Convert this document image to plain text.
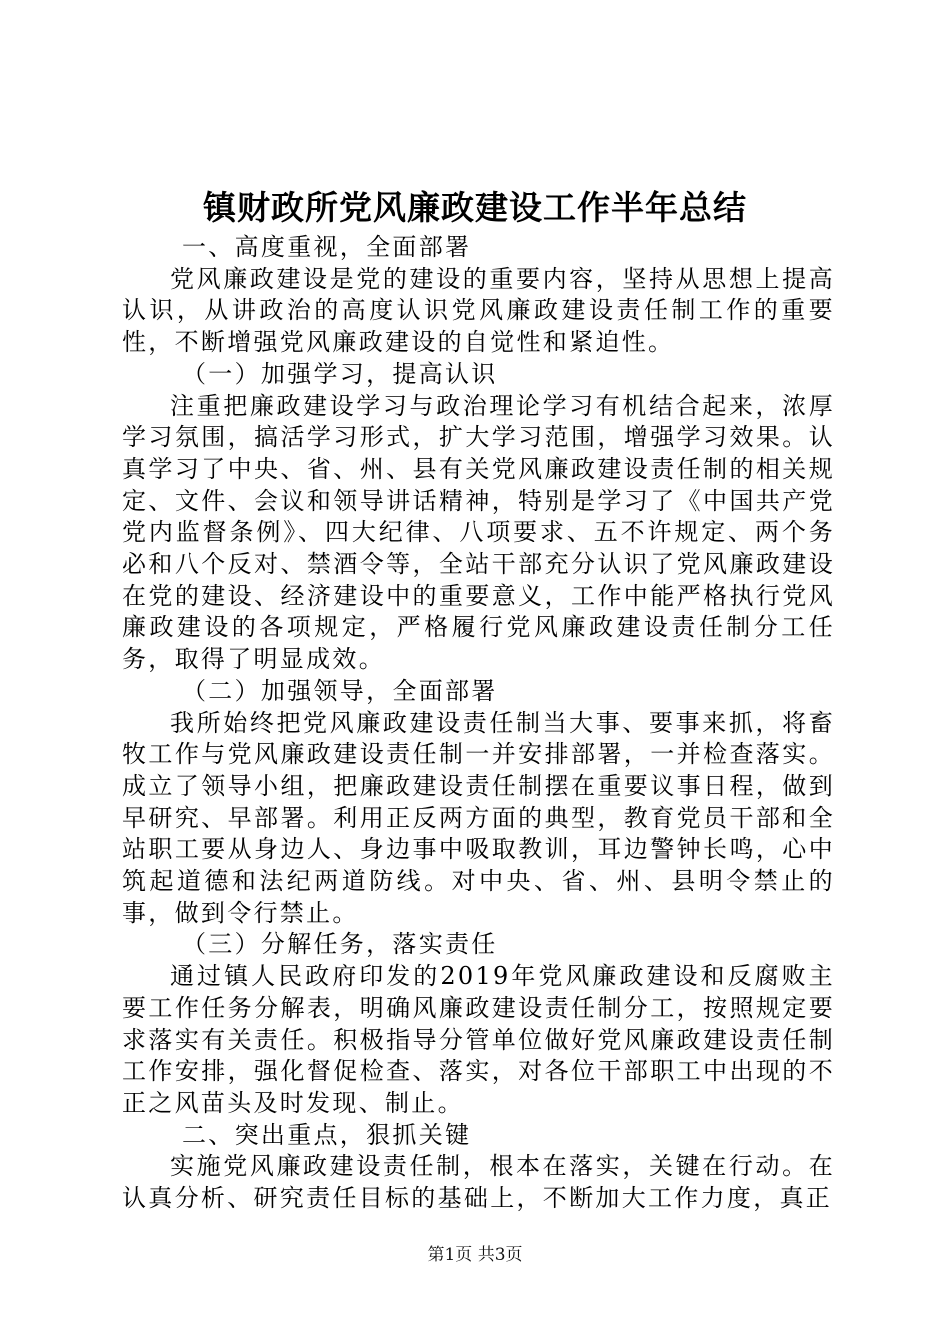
镇财政所党风廉政建设工作半年总结

一、高度重视，全面部署

党风廉政建设是党的建设的重要内容，坚持从思想上提高认识，从讲政治的高度认识党风廉政建设责任制工作的重要性，不断增强党风廉政建设的自觉性和紧迫性。

（一）加强学习，提高认识

注重把廉政建设学习与政治理论学习有机结合起来，浓厚学习氛围，搞活学习形式，扩大学习范围，增强学习效果。认真学习了中央、省、州、县有关党风廉政建设责任制的相关规定、文件、会议和领导讲话精神，特别是学习了《中国共产党党内监督条例》、四大纪律、八项要求、五不许规定、两个务必和八个反对、禁酒令等，全站干部充分认识了党风廉政建设在党的建设、经济建设中的重要意义，工作中能严格执行党风廉政建设的各项规定，严格履行党风廉政建设责任制分工任务，取得了明显成效。

（二）加强领导，全面部署

我所始终把党风廉政建设责任制当大事、要事来抓，将畜牧工作与党风廉政建设责任制一并安排部署，一并检查落实。成立了领导小组，把廉政建设责任制摆在重要议事日程，做到早研究、早部署。利用正反两方面的典型，教育党员干部和全站职工要从身边人、身边事中吸取教训，耳边警钟长鸣，心中筑起道德和法纪两道防线。对中央、省、州、县明令禁止的事，做到令行禁止。

（三）分解任务，落实责任

通过镇人民政府印发的2019年党风廉政建设和反腐败主要工作任务分解表，明确风廉政建设责任制分工，按照规定要求落实有关责任。积极指导分管单位做好党风廉政建设责任制工作安排，强化督促检查、落实，对各位干部职工中出现的不正之风苗头及时发现、制止。

二、突出重点，狠抓关键

实施党风廉政建设责任制，根本在落实，关键在行动。在认真分析、研究责任目标的基础上，不断加大工作力度，真正

第1页 共3页
